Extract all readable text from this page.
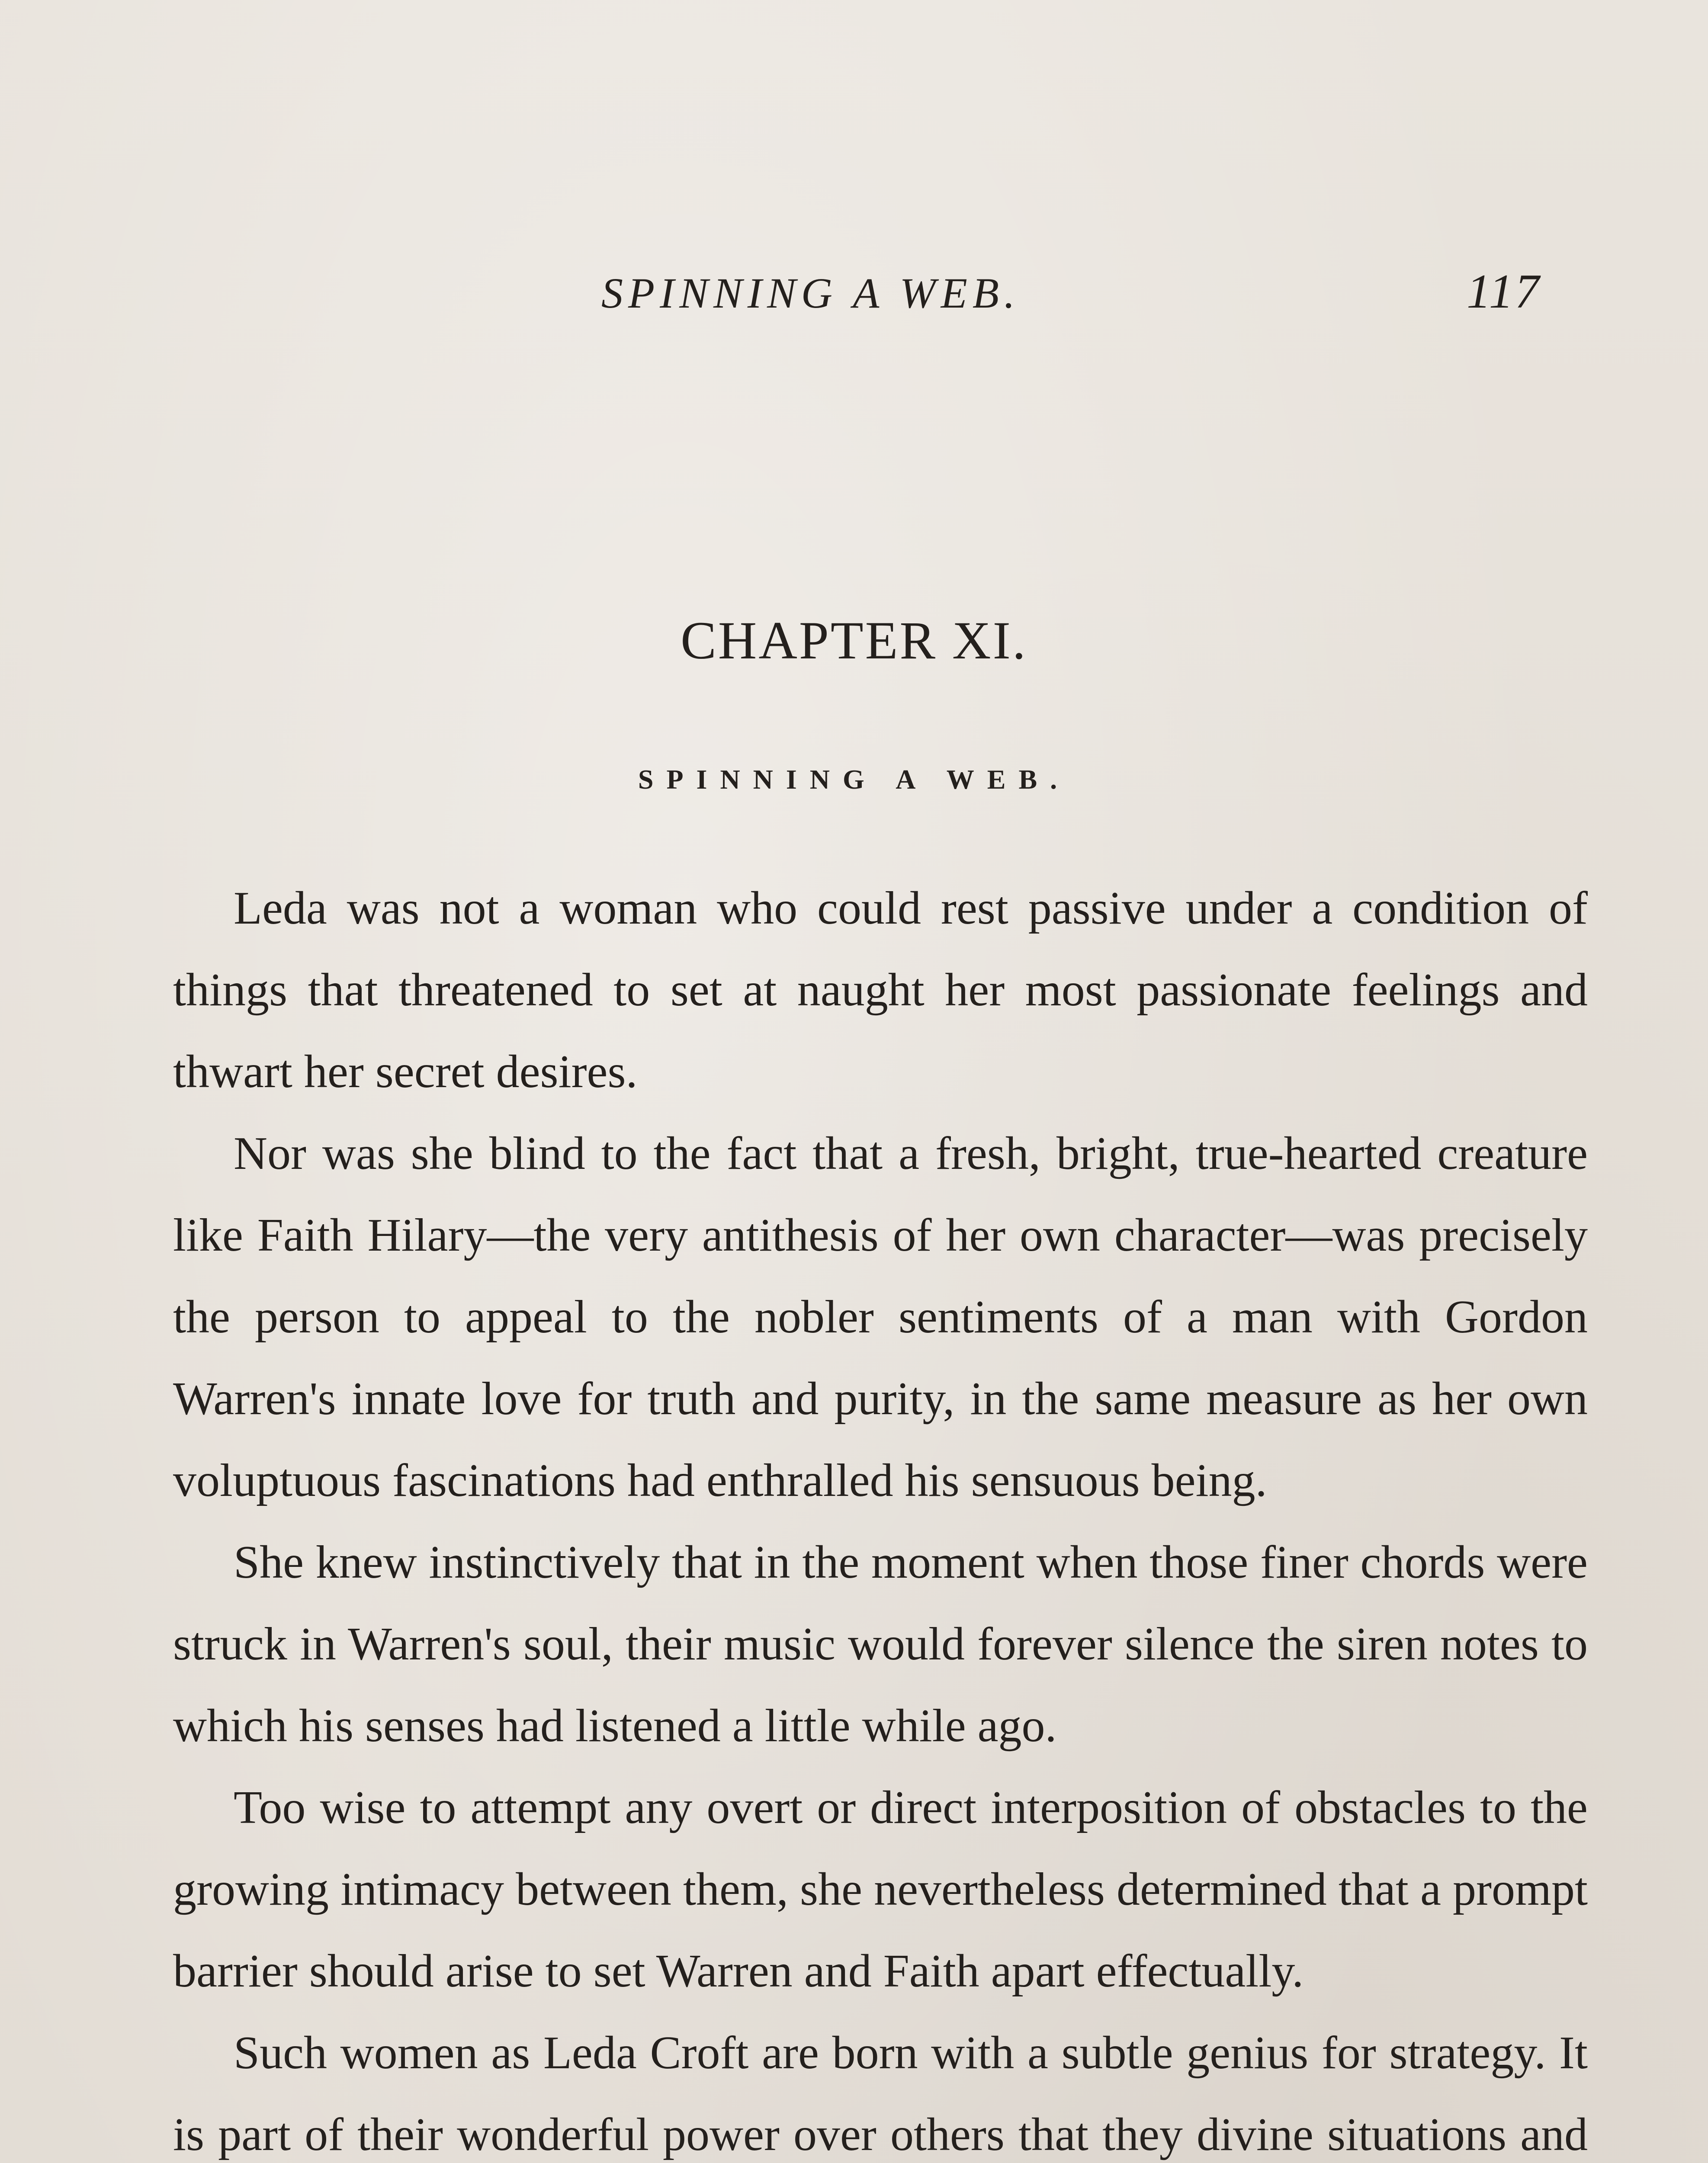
SPINNING A WEB.	117
CHAPTER XI.
SPINNING A WEB.

Leda was not a woman who could rest passive under a condition of things that threatened to set at naught her most passionate feelings and thwart her secret desires.

Nor was she blind to the fact that a fresh, bright, true-hearted creature like Faith Hilary—the very antithesis of her own character—was precisely the person to appeal to the nobler sentiments of a man with Gordon Warren's innate love for truth and purity, in the same measure as her own voluptuous fascinations had enthralled his sensuous being.

She knew instinctively that in the moment when those finer chords were struck in Warren's soul, their music would forever silence the siren notes to which his senses had listened a little while ago.

Too wise to attempt any overt or direct interposition of obstacles to the growing intimacy between them, she nevertheless determined that a prompt barrier should arise to set Warren and Faith apart effectually.

Such women as Leda Croft are born with a subtle genius for strategy. It is part of their wonderful power over others that they divine situations and
